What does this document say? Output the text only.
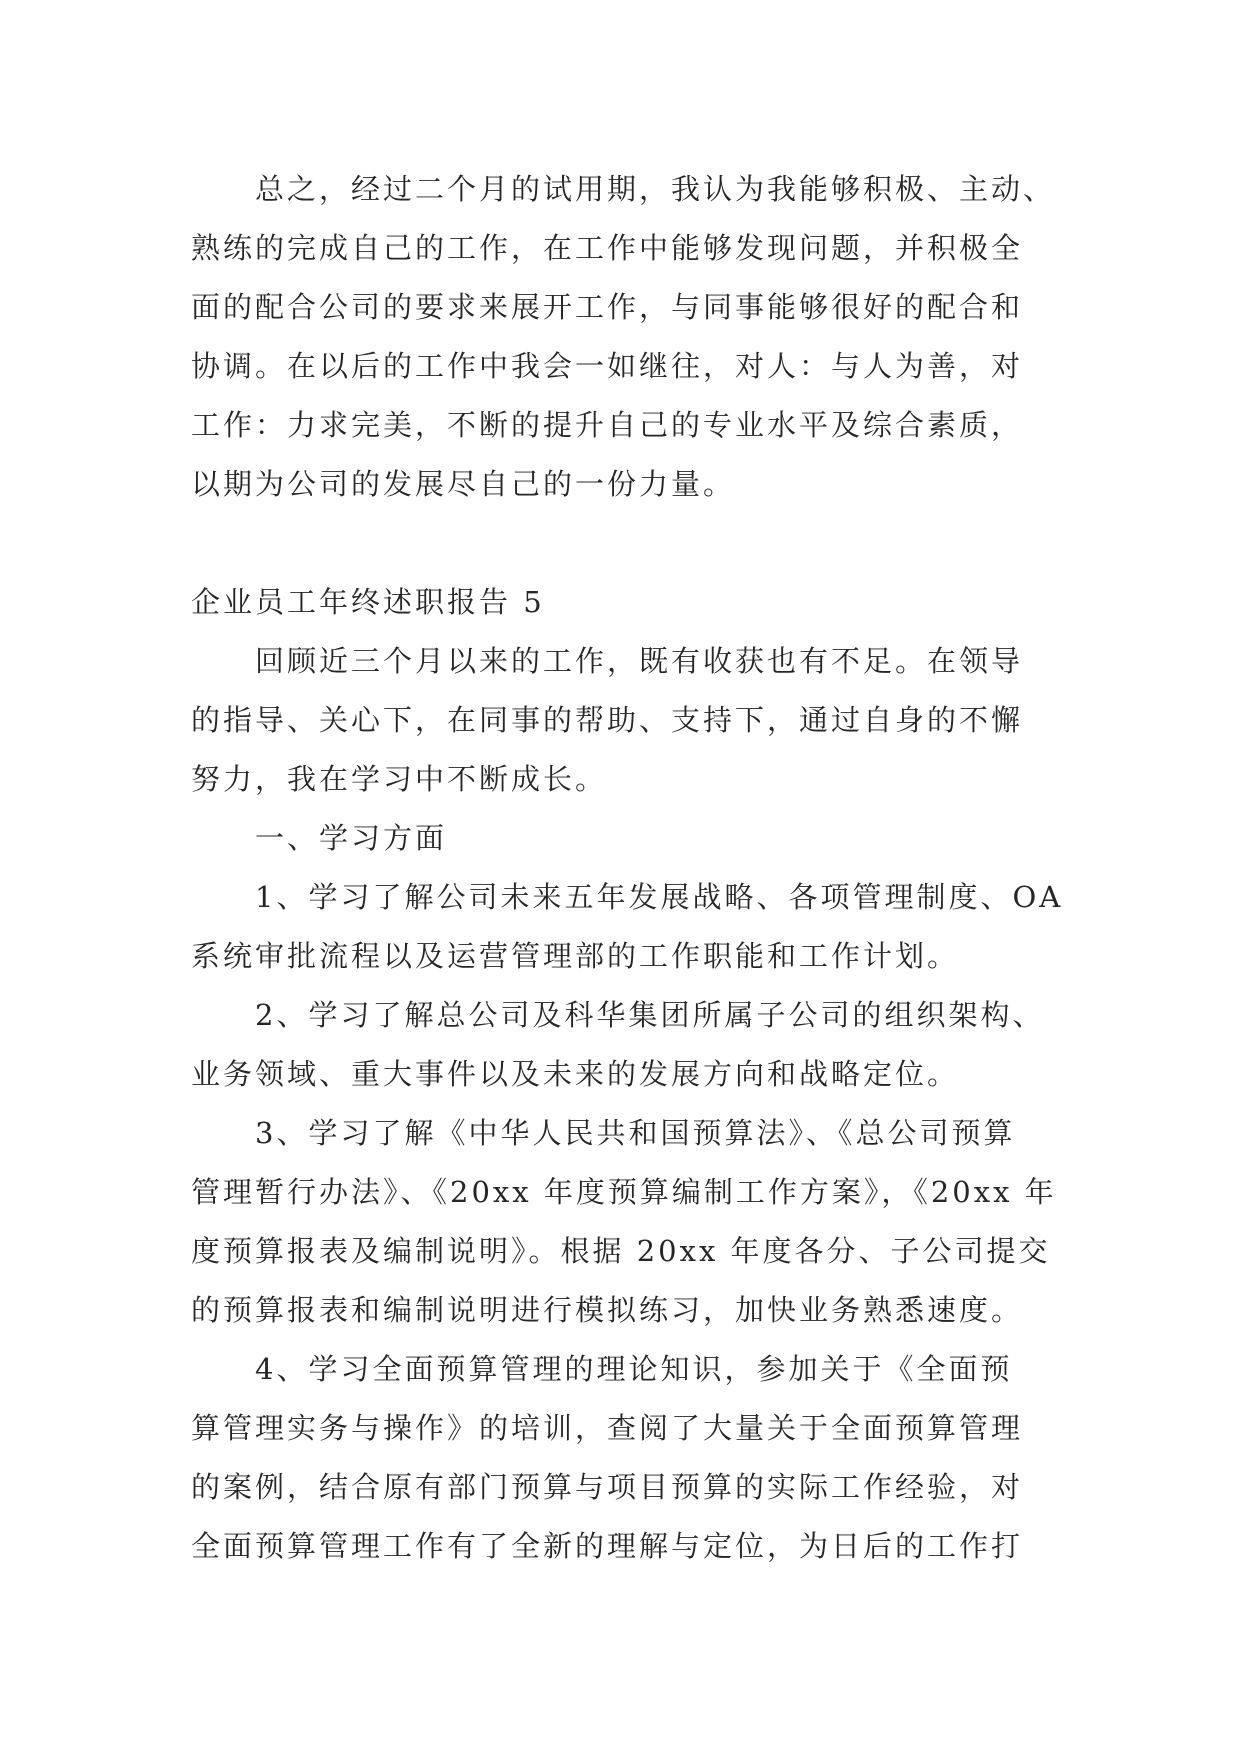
总之，经过二个月的试用期，我认为我能够积极、主动、
熟练的完成自己的工作，在工作中能够发现问题，并积极全
面的配合公司的要求来展开工作，与同事能够很好的配合和
协调。在以后的工作中我会一如继往，对人：与人为善，对
工作：力求完美，不断的提升自己的专业水平及综合素质，
以期为公司的发展尽自己的一份力量。
企业员工年终述职报告 5
回顾近三个月以来的工作，既有收获也有不足。在领导
的指导、关心下，在同事的帮助、支持下，通过自身的不懈
努力，我在学习中不断成长。
一、学习方面
1、学习了解公司未来五年发展战略、各项管理制度、OA
系统审批流程以及运营管理部的工作职能和工作计划。
2、学习了解总公司及科华集团所属子公司的组织架构、
业务领域、重大事件以及未来的发展方向和战略定位。
3、学习了解《中华人民共和国预算法》、《总公司预算
管理暂行办法》、《20xx 年度预算编制工作方案》，《20xx 年
度预算报表及编制说明》。根据 20xx 年度各分、子公司提交
的预算报表和编制说明进行模拟练习，加快业务熟悉速度。
4、学习全面预算管理的理论知识，参加关于《全面预
算管理实务与操作》的培训，查阅了大量关于全面预算管理
的案例，结合原有部门预算与项目预算的实际工作经验，对
全面预算管理工作有了全新的理解与定位，为日后的工作打
